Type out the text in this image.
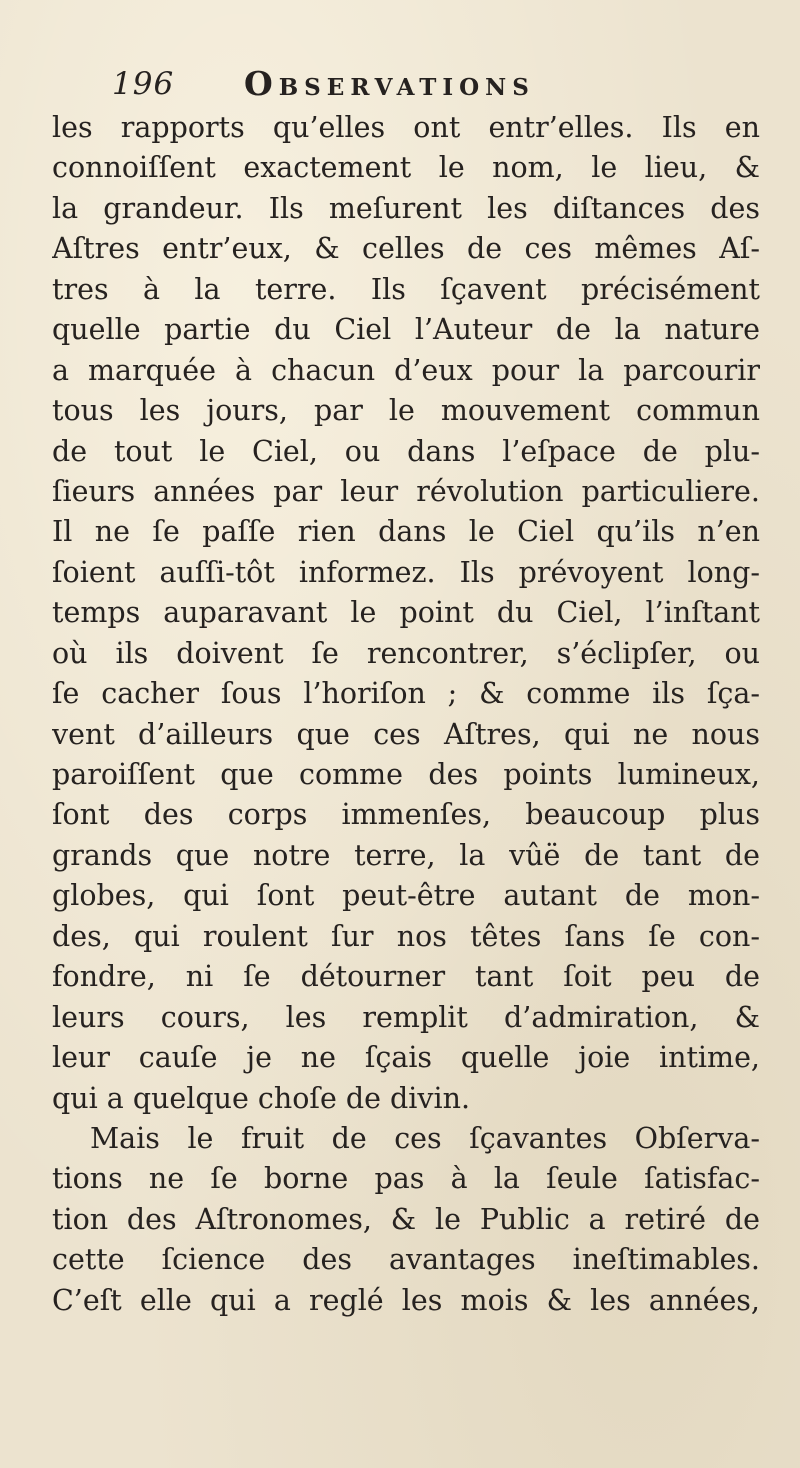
196 Observations
les rapports qu’elles ont entr’elles. Ils en
connoiſſent exactement le nom, le lieu, &
la grandeur. Ils meſurent les diſtances des
Aſtres entr’eux, & celles de ces mêmes Aſ-
tres à la terre. Ils ſçavent précisément
quelle partie du Ciel l’Auteur de la nature
a marquée à chacun d’eux pour la parcourir
tous les jours, par le mouvement commun
de tout le Ciel, ou dans l’eſpace de plu-
ſieurs années par leur révolution particuliere.
Il ne ſe paſſe rien dans le Ciel qu’ils n’en
ſoient auſſi-tôt informez. Ils prévoyent long-
temps auparavant le point du Ciel, l’inſtant
où ils doivent ſe rencontrer, s’éclipſer, ou
ſe cacher ſous l’horiſon ; & comme ils ſça-
vent d’ailleurs que ces Aſtres, qui ne nous
paroiſſent que comme des points lumineux,
ſont des corps immenſes, beaucoup plus
grands que notre terre, la vûë de tant de
globes, qui ſont peut-être autant de mon-
des, qui roulent ſur nos têtes ſans ſe con-
fondre, ni ſe détourner tant ſoit peu de
leurs cours, les remplit d’admiration, &
leur cauſe je ne ſçais quelle joie intime,
qui a quelque choſe de divin.
Mais le fruit de ces ſçavantes Obſerva-
tions ne ſe borne pas à la ſeule ſatisfac-
tion des Aſtronomes, & le Public a retiré de
cette ſcience des avantages ineſtimables.
C’eſt elle qui a reglé les mois & les années,
